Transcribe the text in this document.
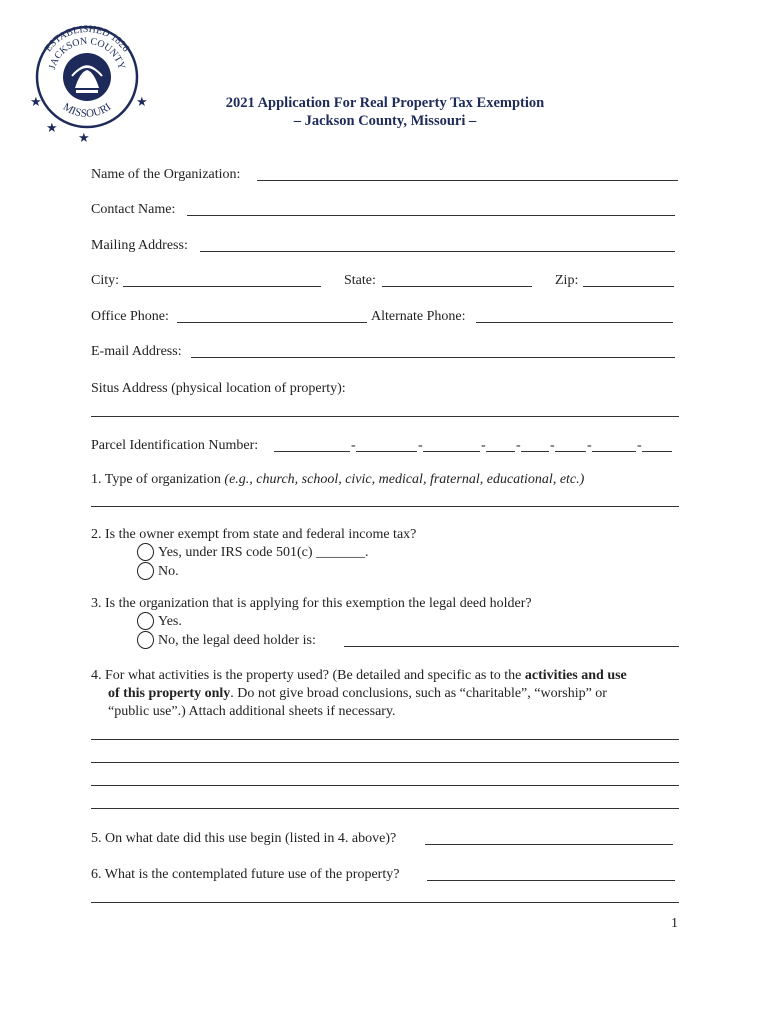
ESTABLISHED 1826
JACKSON COUNTY
MISSOURI
★	★
★
★
2021 Application For Real Property Tax Exemption
– Jackson County, Missouri –
Name of the Organization:
Contact Name:
Mailing Address:
City:	State:	Zip:
Office Phone:	Alternate Phone:
E-mail Address:
Situs Address (physical location of property):
Parcel Identification Number:	-	-	- - - -	-
1. Type of organization (e.g., church, school, civic, medical, fraternal, educational, etc.)
2. Is the owner exempt from state and federal income tax?
Yes, under IRS code 501(c) _______.
No.
3. Is the organization that is applying for this exemption the legal deed holder?
Yes.
No, the legal deed holder is:
4. For what activities is the property used? (Be detailed and specific as to the activities and use
of this property only. Do not give broad conclusions, such as “charitable”, “worship” or
“public use”.) Attach additional sheets if necessary.
5. On what date did this use begin (listed in 4. above)?
6. What is the contemplated future use of the property?
1
